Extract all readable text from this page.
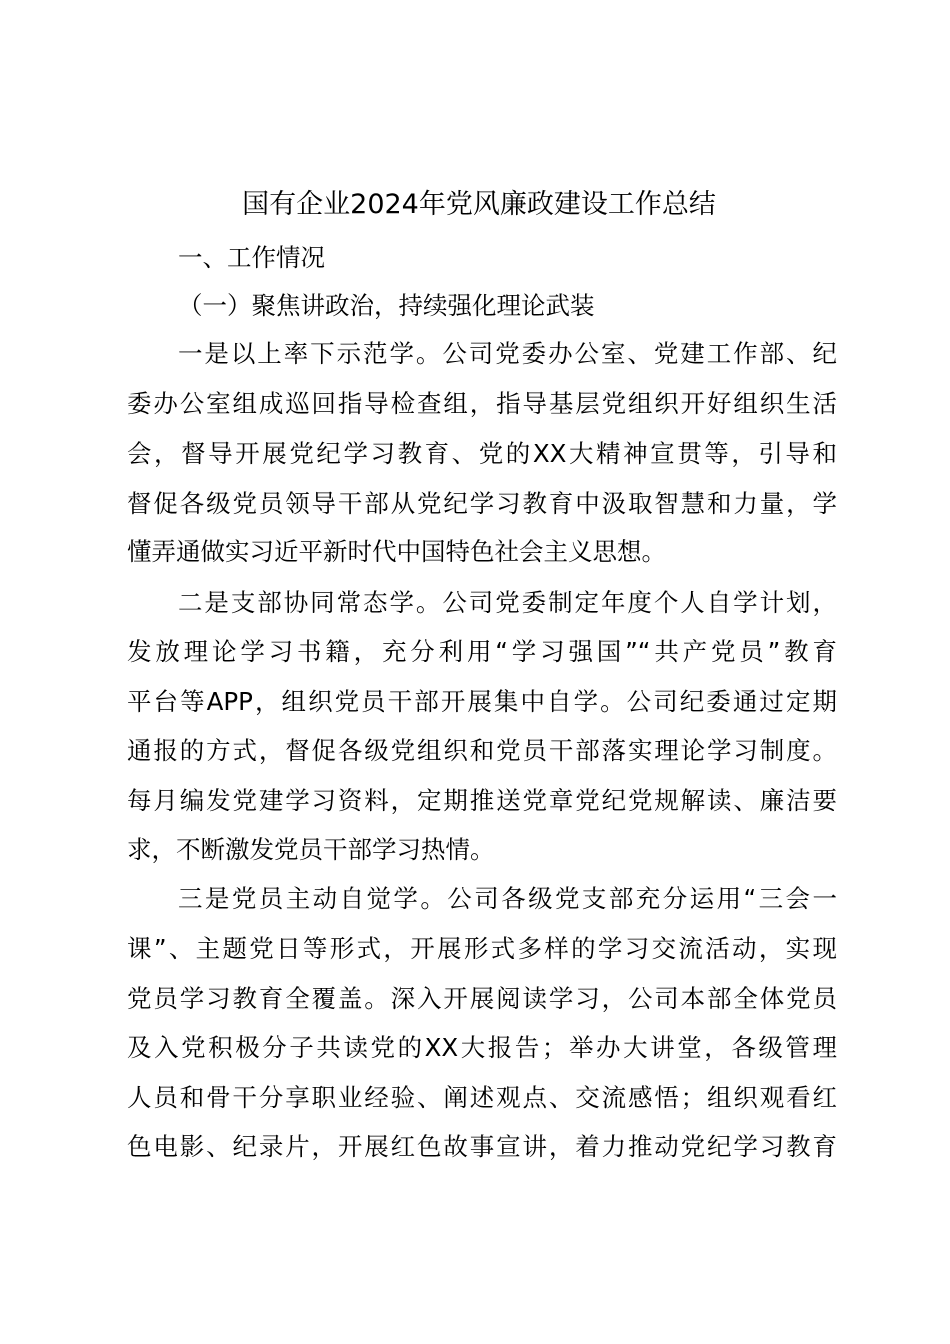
国有企业2024年党风廉政建设工作总结

一、工作情况

（一）聚焦讲政治，持续强化理论武装

一是以上率下示范学。公司党委办公室、党建工作部、纪

委办公室组成巡回指导检查组，指导基层党组织开好组织生活

会，督导开展党纪学习教育、党的XX大精神宣贯等，引导和

督促各级党员领导干部从党纪学习教育中汲取智慧和力量，学

懂弄通做实习近平新时代中国特色社会主义思想。

二是支部协同常态学。公司党委制定年度个人自学计划，

发放理论学习书籍，充分利用“学习强国”“共产党员”教育

平台等APP，组织党员干部开展集中自学。公司纪委通过定期

通报的方式，督促各级党组织和党员干部落实理论学习制度。

每月编发党建学习资料，定期推送党章党纪党规解读、廉洁要

求，不断激发党员干部学习热情。

三是党员主动自觉学。公司各级党支部充分运用“三会一

课”、主题党日等形式，开展形式多样的学习交流活动，实现

党员学习教育全覆盖。深入开展阅读学习，公司本部全体党员

及入党积极分子共读党的XX大报告；举办大讲堂，各级管理

人员和骨干分享职业经验、阐述观点、交流感悟；组织观看红

色电影、纪录片，开展红色故事宣讲，着力推动党纪学习教育
